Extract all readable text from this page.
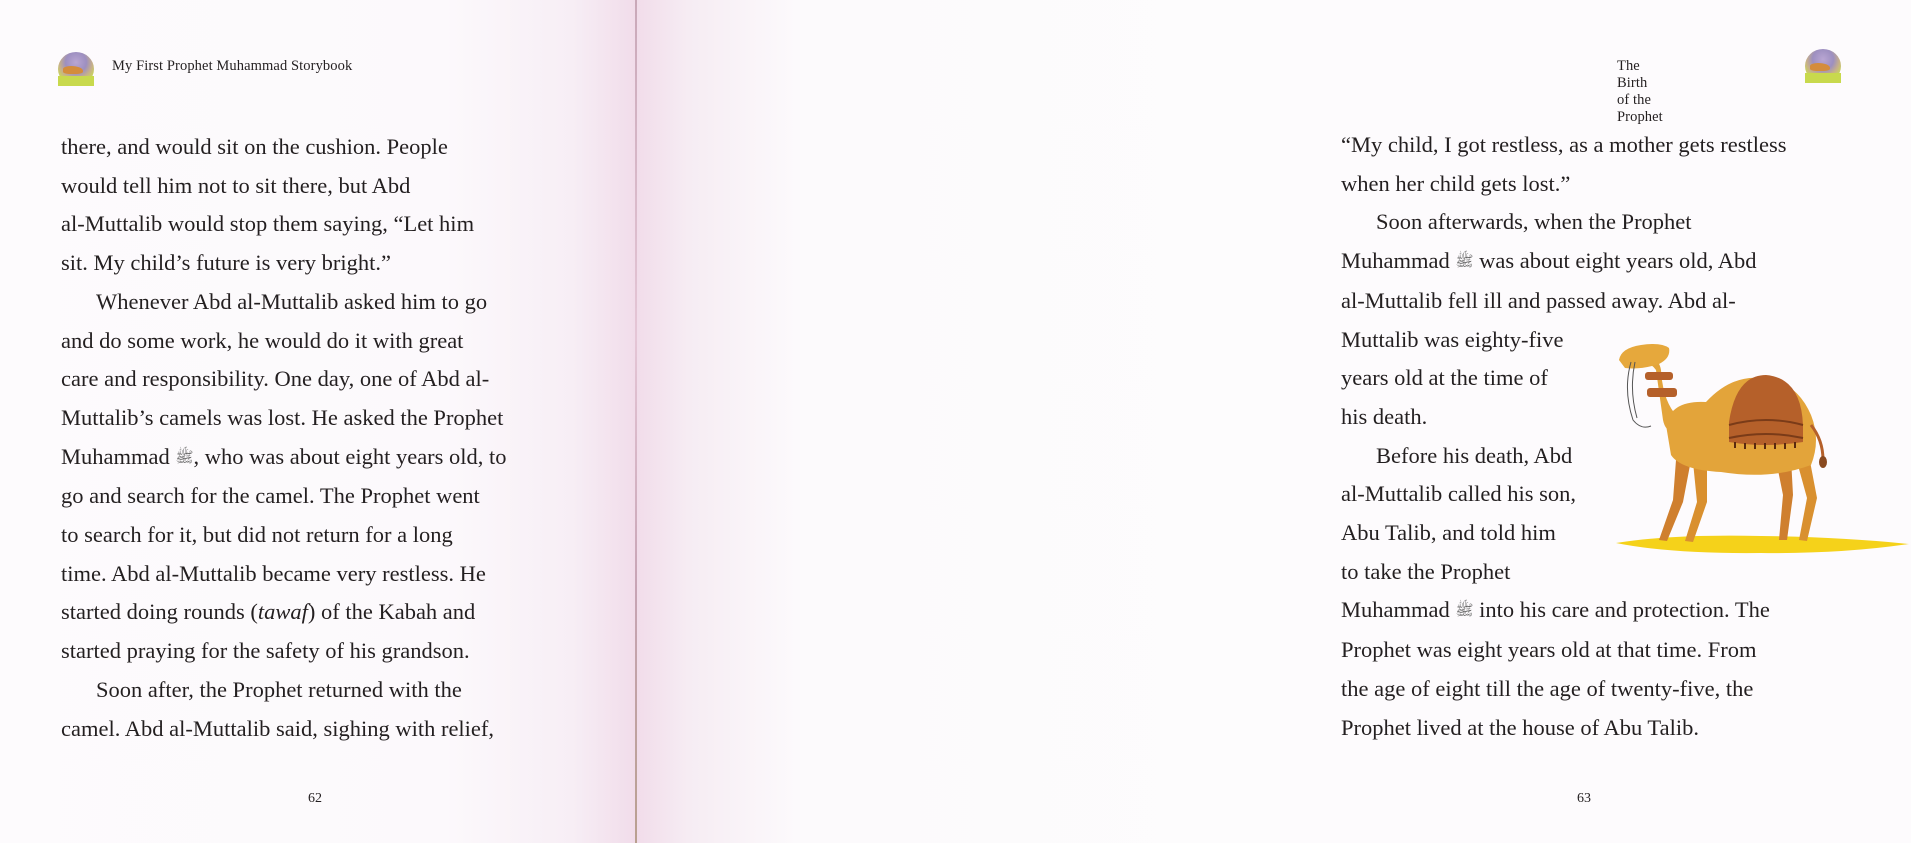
My First Prophet Muhammad Storybook
there, and would sit on the cushion. People
would tell him not to sit there, but Abd
al-Muttalib would stop them saying, “Let him
sit. My child’s future is very bright.”
Whenever Abd al-Muttalib asked him to go
and do some work, he would do it with great
care and responsibility. One day, one of Abd al-
Muttalib’s camels was lost. He asked the Prophet
Muhammad ﷺ, who was about eight years old, to
go and search for the camel. The Prophet went
to search for it, but did not return for a long
time. Abd al-Muttalib became very restless. He
started doing rounds (tawaf) of the Kabah and
started praying for the safety of his grandson.
Soon after, the Prophet returned with the
camel. Abd al-Muttalib said, sighing with relief,
62
The Birth of the Prophet
“My child, I got restless, as a mother gets restless
when her child gets lost.”
Soon afterwards, when the Prophet
Muhammad ﷺ was about eight years old, Abd
al-Muttalib fell ill and passed away. Abd al-
Muttalib was eighty-five
years old at the time of
his death.
Before his death, Abd
al-Muttalib called his son,
Abu Talib, and told him
to take the Prophet
Muhammad ﷺ into his care and protection. The
Prophet was eight years old at that time. From
the age of eight till the age of twenty-five, the
Prophet lived at the house of Abu Talib.
63
